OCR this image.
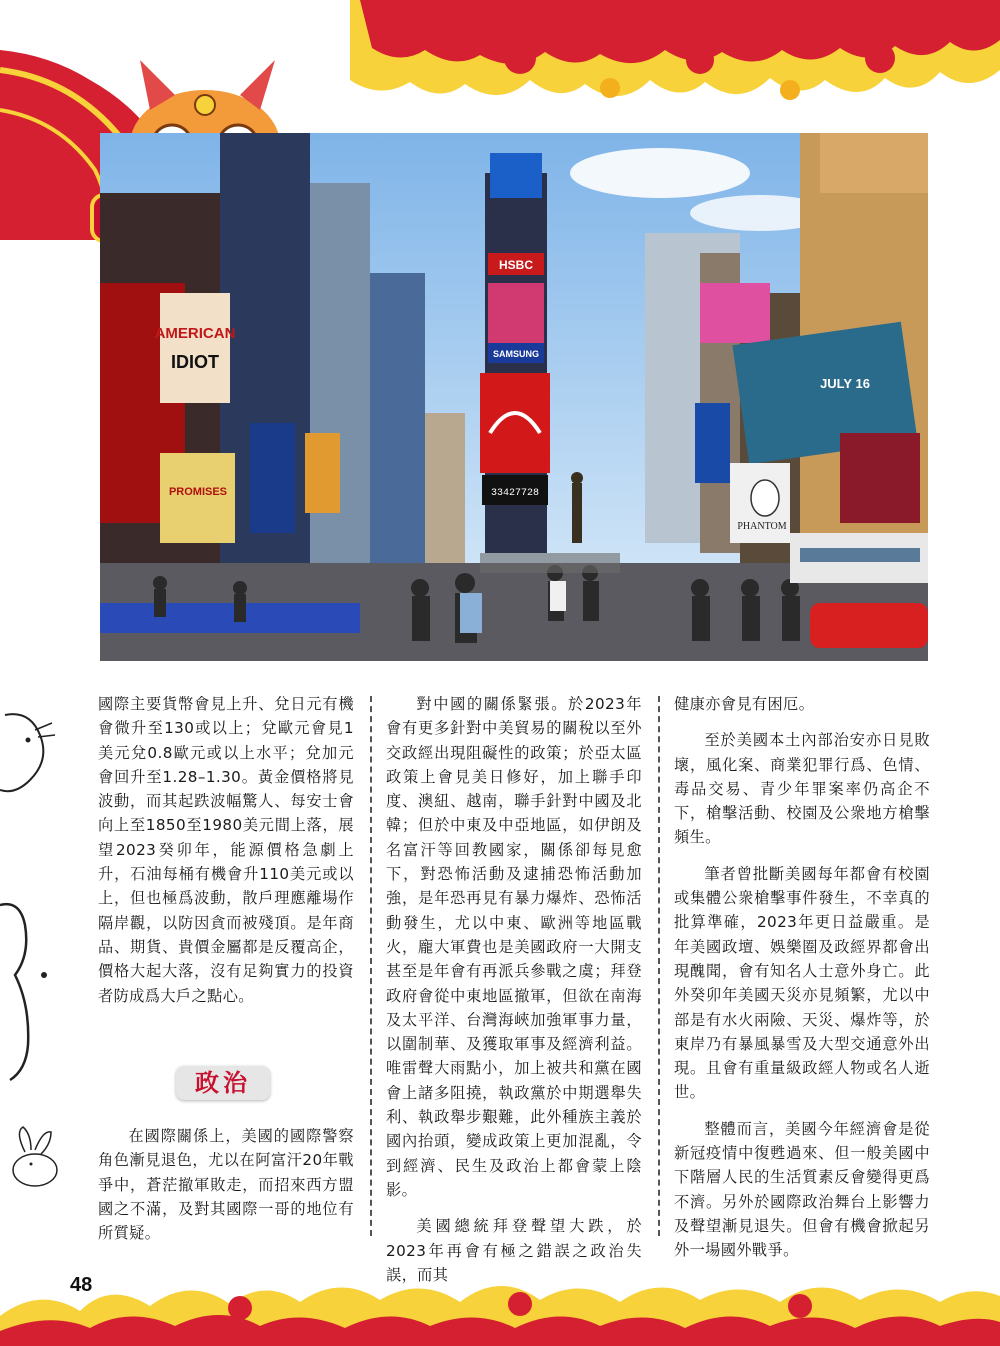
AMERICAN
IDIOT
PROMISES
HSBC
SAMSUNG
33427728
JULY 16
PHANTOM

國際主要貨幣會見上升、兌日元有機會微升至130或以上；兌歐元會見1美元兌0.8歐元或以上水平；兌加元會回升至1.28–1.30。黃金價格將見波動，而其起跌波幅驚人、每安士會向上至1850至1980美元間上落，展望2023癸卯年，能源價格急劇上升，石油每桶有機會升110美元或以上，但也極爲波動，散戶理應離場作隔岸觀，以防因貪而被殘頂。是年商品、期貨、貴價金屬都是反覆高企，價格大起大落，沒有足夠實力的投資者防成爲大戶之點心。

政治

在國際關係上，美國的國際警察角色漸見退色，尤以在阿富汗20年戰爭中，蒼茫撤軍敗走，而招來西方盟國之不滿，及對其國際一哥的地位有所質疑。

對中國的關係緊張。於2023年會有更多針對中美貿易的關稅以至外交政經出現阻礙性的政策；於亞太區政策上會見美日修好，加上聯手印度、澳紐、越南，聯手針對中國及北韓；但於中東及中亞地區，如伊朗及名富汗等回教國家，關係卻每見愈下，對恐怖活動及逮捕恐怖活動加強，是年恐再見有暴力爆炸、恐怖活動發生，尤以中東、歐洲等地區戰火，龐大軍費也是美國政府一大開支甚至是年會有再派兵參戰之虞；拜登政府會從中東地區撤軍，但欲在南海及太平洋、台灣海峽加強軍事力量，以圍制華、及獲取軍事及經濟利益。唯雷聲大雨點小，加上被共和黨在國會上諸多阻撓，執政黨於中期選舉失利、執政舉步艱難，此外種族主義於國內抬頭，變成政策上更加混亂，令到經濟、民生及政治上都會蒙上陰影。

美國總統拜登聲望大跌，於2023年再會有極之錯誤之政治失誤，而其

健康亦會見有困厄。

至於美國本土內部治安亦日見敗壞，風化案、商業犯罪行爲、色情、毒品交易、青少年罪案率仍高企不下，槍擊活動、校園及公衆地方槍擊頻生。

筆者曾批斷美國每年都會有校園或集體公衆槍擊事件發生，不幸真的批算準確，2023年更日益嚴重。是年美國政壇、娛樂圈及政經界都會出現醜聞，會有知名人士意外身亡。此外癸卯年美國天災亦見頻繁，尤以中部是有水火兩險、天災、爆炸等，於東岸乃有暴風暴雪及大型交通意外出現。且會有重量級政經人物或名人逝世。

整體而言，美國今年經濟會是從新冠疫情中復甦過來、但一般美國中下階層人民的生活質素反會變得更爲不濟。另外於國際政治舞台上影響力及聲望漸見退失。但會有機會掀起另外一場國外戰爭。

48
